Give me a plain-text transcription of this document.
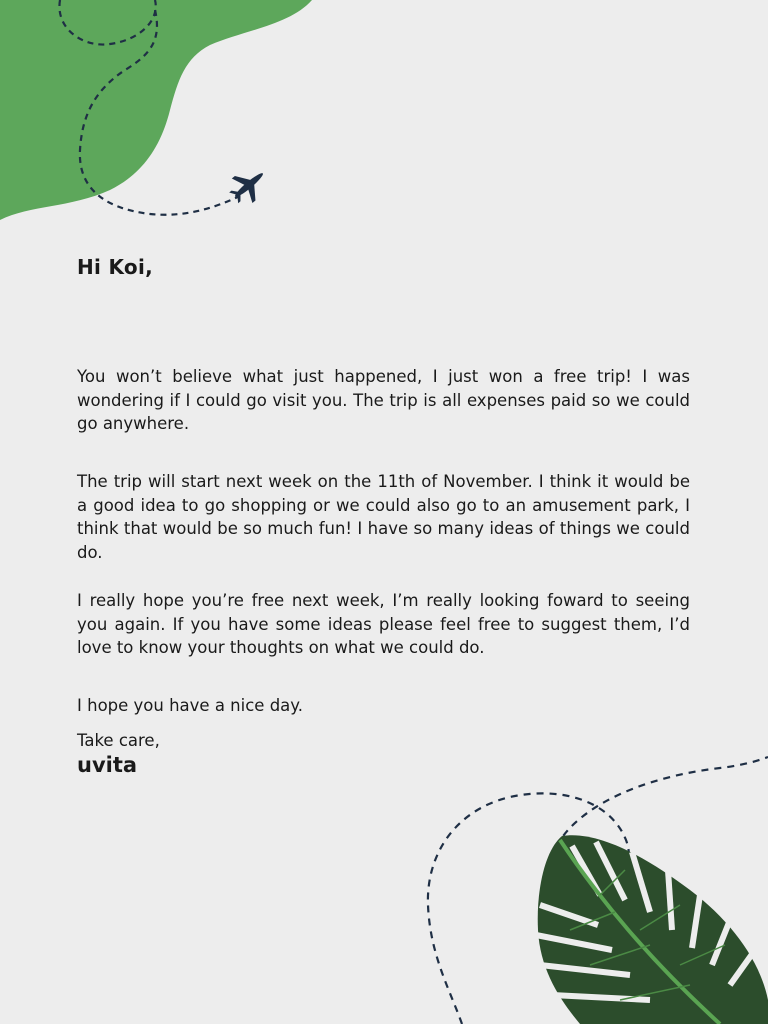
Hi Koi,

You won’t believe what just happened, I just won a free trip! I was wondering if I could go visit you. The trip is all expenses paid so we could go anywhere.

The trip will start next week on the 11th of November. I think it would be a good idea to go shopping or we could also go to an amusement park, I think that would be so much fun! I have so many ideas of things we could do.

I really hope you’re free next week, I’m really looking foward to seeing you again. If you have some ideas please feel free to suggest them, I’d love to know your thoughts on what we could do.

I hope you have a nice day.

Take care,

uvita
